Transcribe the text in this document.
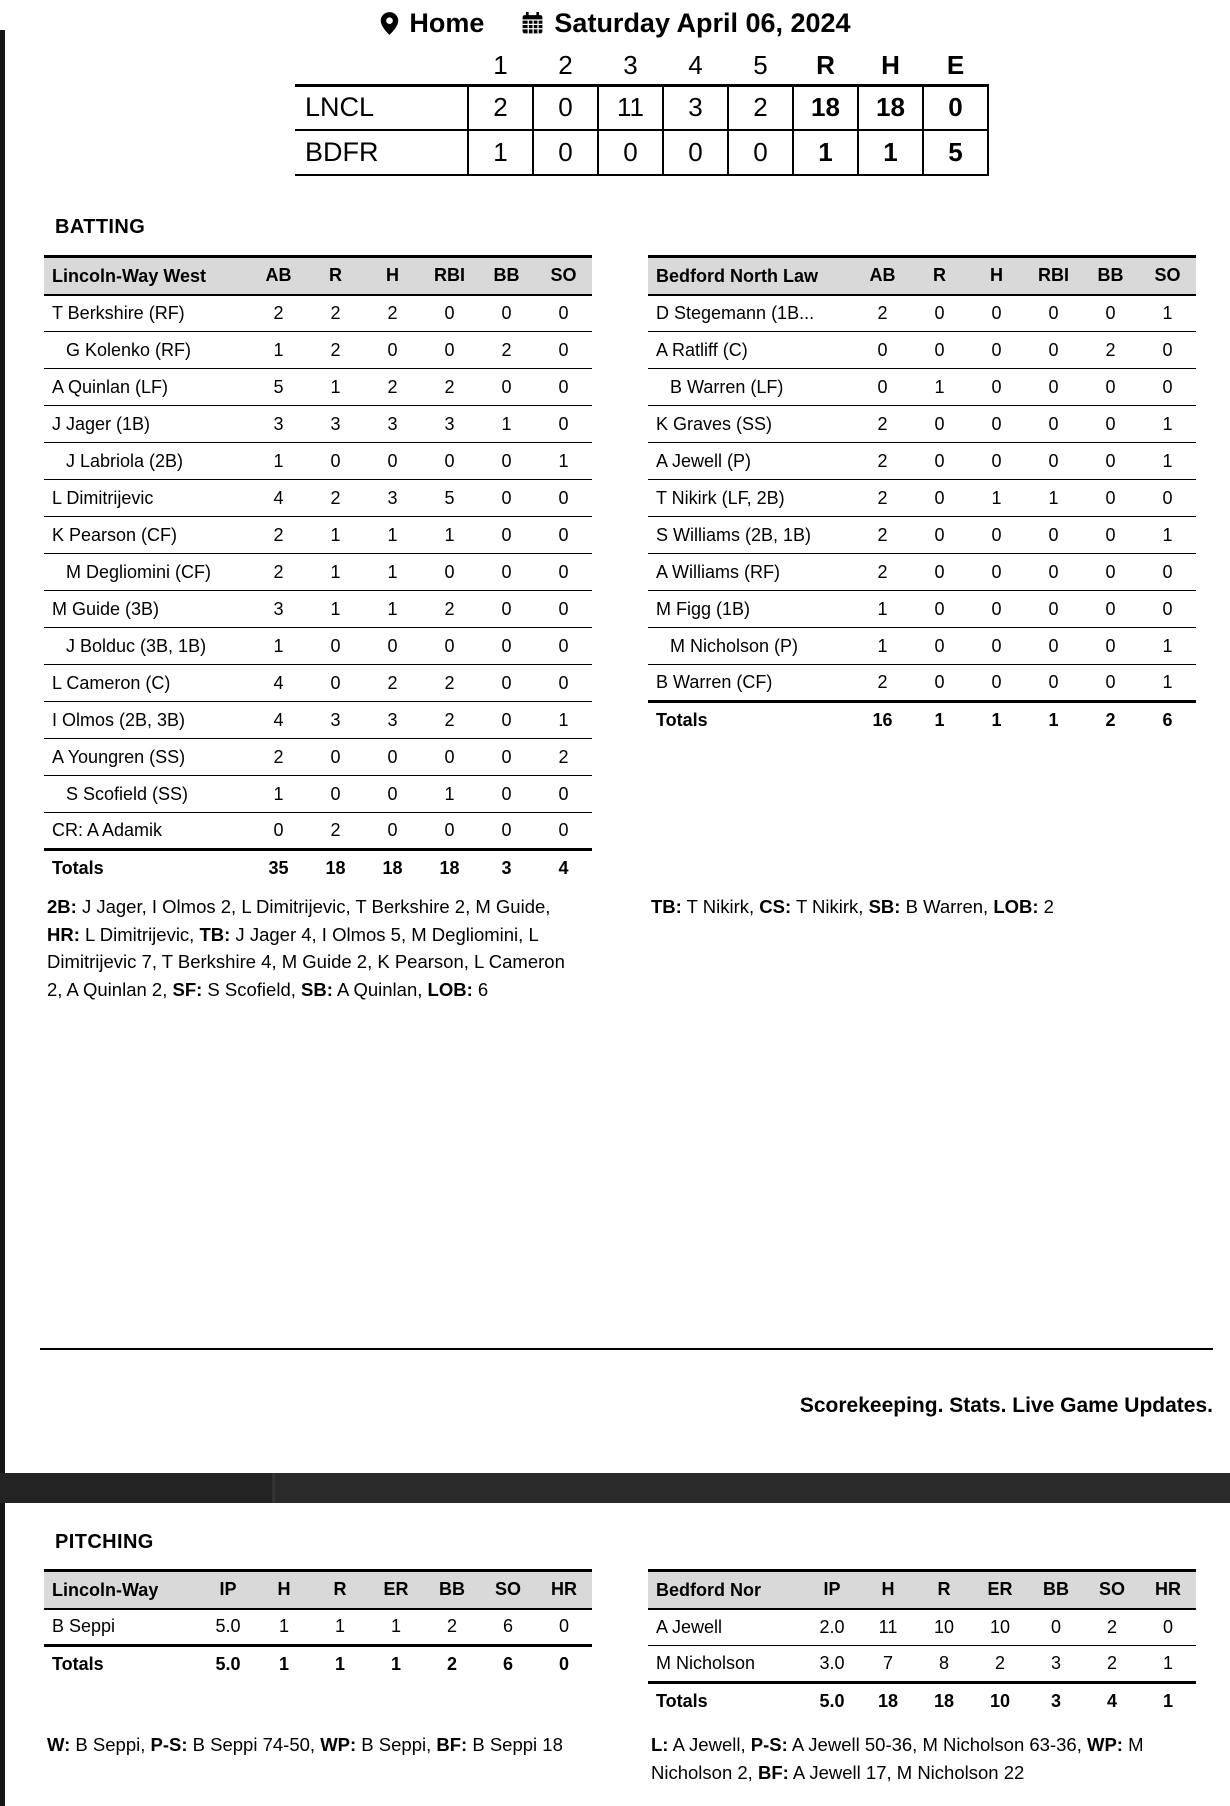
Home	Saturday April 06, 2024
	1	2	3	4	5	R	H	E
LNCL	2	0	11	3	2	18	18	0
BDFR	1	0	0	0	0	1	1	5
BATTING
Lincoln-Way West	AB	R	H	RBI	BB	SO
T Berkshire (RF)	2	2	2	0	0	0
G Kolenko (RF)	1	2	0	0	2	0
A Quinlan (LF)	5	1	2	2	0	0
J Jager (1B)	3	3	3	3	1	0
J Labriola (2B)	1	0	0	0	0	1
L Dimitrijevic	4	2	3	5	0	0
K Pearson (CF)	2	1	1	1	0	0
M Degliomini (CF)	2	1	1	0	0	0
M Guide (3B)	3	1	1	2	0	0
J Bolduc (3B, 1B)	1	0	0	0	0	0
L Cameron (C)	4	0	2	2	0	0
I Olmos (2B, 3B)	4	3	3	2	0	1
A Youngren (SS)	2	0	0	0	0	2
S Scofield (SS)	1	0	0	1	0	0
CR: A Adamik	0	2	0	0	0	0
Totals	35	18	18	18	3	4
Bedford North Law	AB	R	H	RBI	BB	SO
D Stegemann (1B...	2	0	0	0	0	1
A Ratliff (C)	0	0	0	0	2	0
B Warren (LF)	0	1	0	0	0	0
K Graves (SS)	2	0	0	0	0	1
A Jewell (P)	2	0	0	0	0	1
T Nikirk (LF, 2B)	2	0	1	1	0	0
S Williams (2B, 1B)	2	0	0	0	0	1
A Williams (RF)	2	0	0	0	0	0
M Figg (1B)	1	0	0	0	0	0
M Nicholson (P)	1	0	0	0	0	1
B Warren (CF)	2	0	0	0	0	1
Totals	16	1	1	1	2	6

2B: J Jager, I Olmos 2, L Dimitrijevic, T Berkshire 2, M Guide, HR: L Dimitrijevic, TB: J Jager 4, I Olmos 5, M Degliomini, L Dimitrijevic 7, T Berkshire 4, M Guide 2, K Pearson, L Cameron 2, A Quinlan 2, SF: S Scofield, SB: A Quinlan, LOB: 6

TB: T Nikirk, CS: T Nikirk, SB: B Warren, LOB: 2

Scorekeeping. Stats. Live Game Updates.
PITCHING
Lincoln-Way	IP	H	R	ER	BB	SO	HR
B Seppi	5.0	1	1	1	2	6	0
Totals	5.0	1	1	1	2	6	0
Bedford Nor	IP	H	R	ER	BB	SO	HR
A Jewell	2.0	11	10	10	0	2	0
M Nicholson	3.0	7	8	2	3	2	1
Totals	5.0	18	18	10	3	4	1

W: B Seppi, P-S: B Seppi 74-50, WP: B Seppi, BF: B Seppi 18	L: A Jewell, P-S: A Jewell 50-36, M Nicholson 63-36, WP: M Nicholson 2, BF: A Jewell 17, M Nicholson 22
